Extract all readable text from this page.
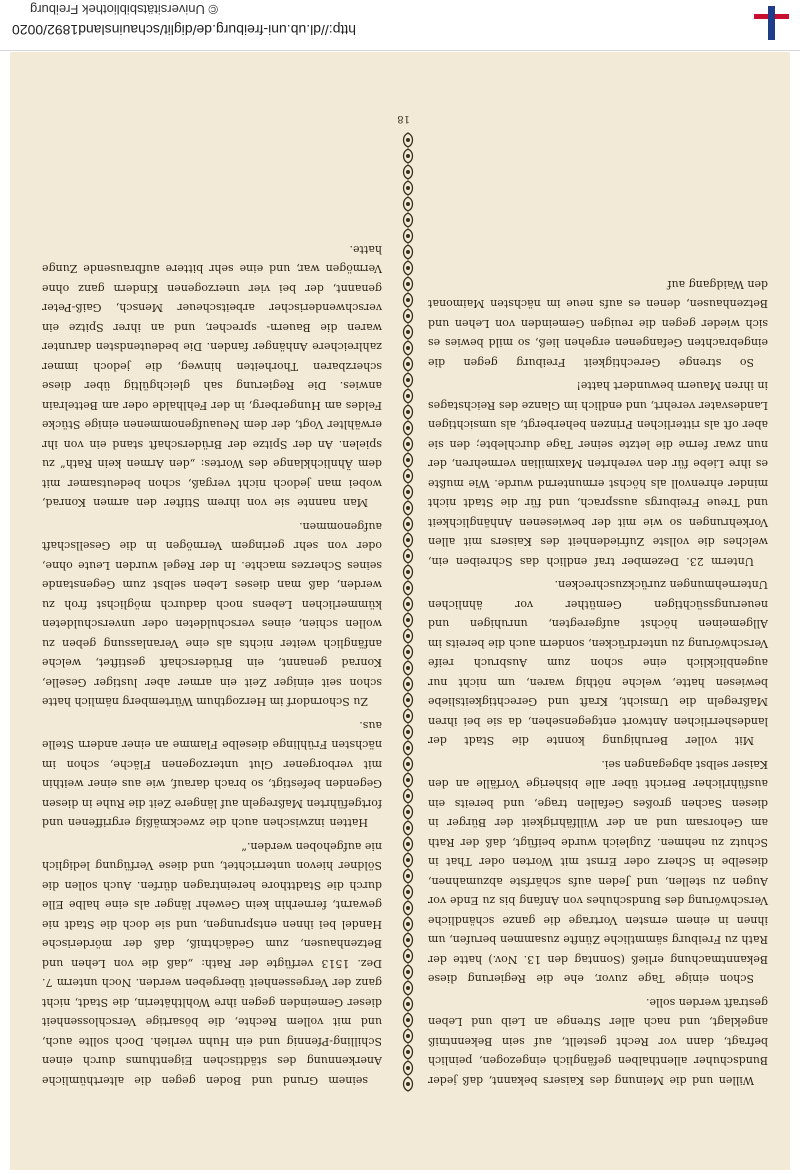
© Universitätsbibliothek Freiburg
http://dl.ub.uni-freiburg.de/diglit/schauinsland1892/0020

Willen und die Meinung des Kaisers bekannt, daß jeder Bundschuher allenthalben gefänglich eingezogen, peinlich befragt, dann vor Recht gestellt, auf sein Bekenntniß angeklagt, und nach aller Strenge an Leib und Leben gestraft werden solle.

Schon einige Tage zuvor, ehe die Regierung diese Bekanntmachung erließ (Sonntag den 13. Nov.) hatte der Rath zu Freiburg sämmtliche Zünfte zusammen berufen, um ihnen in einem ernsten Vortrage die ganze schändliche Verschwörung des Bundschuhes von Anfang bis zu Ende vor Augen zu stellen, und Jeden aufs schärfste abzumahnen, dieselbe in Scherz oder Ernst mit Worten oder That in Schutz zu nehmen. Zugleich wurde beifügt, daß der Rath am Gehorsam und an der Willfährigkeit der Bürger in diesen Sachen großes Gefallen trage, und bereits ein ausführlicher Bericht über alle bisherige Vorfälle an den Kaiser selbst abgegangen sei.

Mit voller Beruhigung konnte die Stadt der landesherrlichen Antwort entgegensehen, da sie bei ihren Maßregeln die Umsicht, Kraft und Gerechtigkeitsliebe bewiesen hatte, welche nöthig waren, um nicht nur augenblicklich eine schon zum Ausbruch reife Verschwörung zu unterdrücken, sondern auch die bereits im Allgemeinen höchst aufgeregten, unruhigen und neuerungssüchtigen Gemüther vor ähnlichen Unternehmungen zurückzuschrecken.

Unterm 23. Dezember traf endlich das Schreiben ein, welches die vollste Zufriedenheit des Kaisers mit allen Vorkehrungen so wie mit der bewiesenen Anhänglichkeit und Treue Freiburgs aussprach, und für die Stadt nicht minder ehrenvoll als höchst ermunternd wurde. Wie mußte es ihre Liebe für den verehrten Maximilian vermehren, der nun zwar ferne die letzte seiner Tage durchlebte; den sie aber oft als ritterlichen Prinzen beherbergt, als umsichtigen Landesvater verehrt, und endlich im Glanze des Reichstages in ihren Mauern bewundert hatte!

So strenge Gerechtigkeit Freiburg gegen die eingebrachten Gefangenen ergehen ließ, so mild bewies es sich wieder gegen die reuigen Gemeinden von Lehen und Betzenhausen, denen es aufs neue im nächsten Maimonat den Waidgang auf

seinem Grund und Boden gegen die alterthümliche Anerkennung des städtischen Eigenthums durch einen Schilling-Pfennig und ein Huhn verlieh. Doch sollte auch, und mit vollem Rechte, die bösartige Verschlossenheit dieser Gemeinden gegen ihre Wohlthäterin, die Stadt, nicht ganz der Vergessenheit übergeben werden. Noch unterm 7. Dez. 1513 verfügte der Rath: „daß die von Lehen und Betzenhausen, zum Gedächtniß, daß der mörderische Handel bei ihnen entsprungen, und sie doch die Stadt nie gewarnt, fernerhin kein Gewehr länger als eine halbe Elle durch die Stadtthore hereintragen dürfen. Auch sollen die Söldner hievon unterrichtet, und diese Verfügung lediglich nie aufgehoben werden.“

Hatten inzwischen auch die zweckmäßig ergriffenen und fortgeführten Maßregeln auf längere Zeit die Ruhe in diesen Gegenden befestigt, so brach darauf, wie aus einer weithin mit verborgener Glut unterzogenen Fläche, schon im nächsten Frühlinge dieselbe Flamme an einer andern Stelle aus.

Zu Schorndorf im Herzogthum Würtemberg nämlich hatte schon seit einiger Zeit ein armer aber lustiger Geselle, Konrad genannt, ein Brüderschaft gestiftet, welche anfänglich weiter nichts als eine Veranlassung geben zu wollen schien, eines verschuldeten oder unverschuldeten kümmerlichen Lebens noch dadurch möglichst froh zu werden, daß man dieses Leben selbst zum Gegenstande seines Scherzes machte. In der Regel wurden Leute ohne, oder von sehr geringem Vermögen in die Gesellschaft aufgenommen.

Man nannte sie von ihrem Stifter den armen Konrad, wobei man jedoch nicht vergaß, schon bedeutsamer mit dem Ähnlichklange des Wortes: „den Armen kein Rath“ zu spielen. An der Spitze der Brüderschaft stand ein von ihr erwählter Vogt, der dem Neuaufgenommenen einige Stücke Feldes am Hungerberg, in der Fehlhalde oder am Bettelrain anwies. Die Regierung sah gleichgültig über diese scherzbaren Thorheiten hinweg, die jedoch immer zahlreichere Anhänger fanden. Die bedeutendsten darunter waren die Bauern- sprecher, und an ihrer Spitze ein verschwenderischer arbeitscheuer Mensch, Gaiß-Peter genannt, der bei vier unerzogenen Kindern ganz ohne Vermögen war, und eine sehr bittere aufbrausende Zunge hatte.

18
